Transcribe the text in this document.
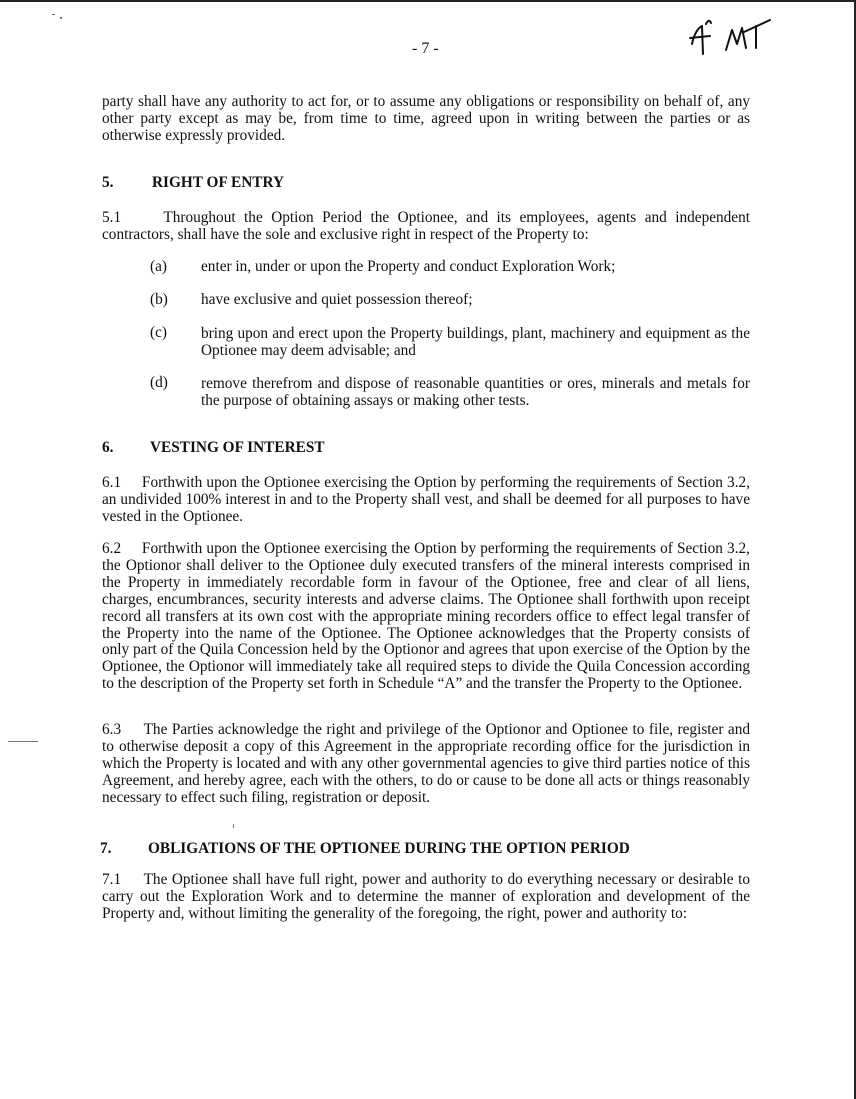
- 7 -

party shall have any authority to act for, or to assume any obligations or responsibility on behalf of, any other party except as may be, from time to time, agreed upon in writing between the parties or as otherwise expressly provided.

5.	RIGHT OF ENTRY

5.1     Throughout the Option Period the Optionee, and its employees, agents and independent contractors, shall have the sole and exclusive right in respect of the Property to:

(a) enter in, under or upon the Property and conduct Exploration Work;

(b) have exclusive and quiet possession thereof;

(c) bring upon and erect upon the Property buildings, plant, machinery and equipment as the Optionee may deem advisable; and

(d) remove therefrom and dispose of reasonable quantities or ores, minerals and metals for the purpose of obtaining assays or making other tests.

6. VESTING OF INTEREST

6.1     Forthwith upon the Optionee exercising the Option by performing the requirements of Section 3.2, an undivided 100% interest in and to the Property shall vest, and shall be deemed for all purposes to have vested in the Optionee.

6.2     Forthwith upon the Optionee exercising the Option by performing the requirements of Section 3.2, the Optionor shall deliver to the Optionee duly executed transfers of the mineral interests comprised in the Property in immediately recordable form in favour of the Optionee, free and clear of all liens, charges, encumbrances, security interests and adverse claims. The Optionee shall forthwith upon receipt record all transfers at its own cost with the appropriate mining recorders office to effect legal transfer of the Property into the name of the Optionee. The Optionee acknowledges that the Property consists of only part of the Quila Concession held by the Optionor and agrees that upon exercise of the Option by the Optionee, the Optionor will immediately take all required steps to divide the Quila Concession according to the description of the Property set forth in Schedule “A” and the transfer the Property to the Optionee.

6.3     The Parties acknowledge the right and privilege of the Optionor and Optionee to file, register and to otherwise deposit a copy of this Agreement in the appropriate recording office for the jurisdiction in which the Property is located and with any other governmental agencies to give third parties notice of this Agreement, and hereby agree, each with the others, to do or cause to be done all acts or things reasonably necessary to effect such filing, registration or deposit.

7. OBLIGATIONS OF THE OPTIONEE DURING THE OPTION PERIOD

7.1     The Optionee shall have full right, power and authority to do everything necessary or desirable to carry out the Exploration Work and to determine the manner of exploration and development of the Property and, without limiting the generality of the foregoing, the right, power and authority to:
